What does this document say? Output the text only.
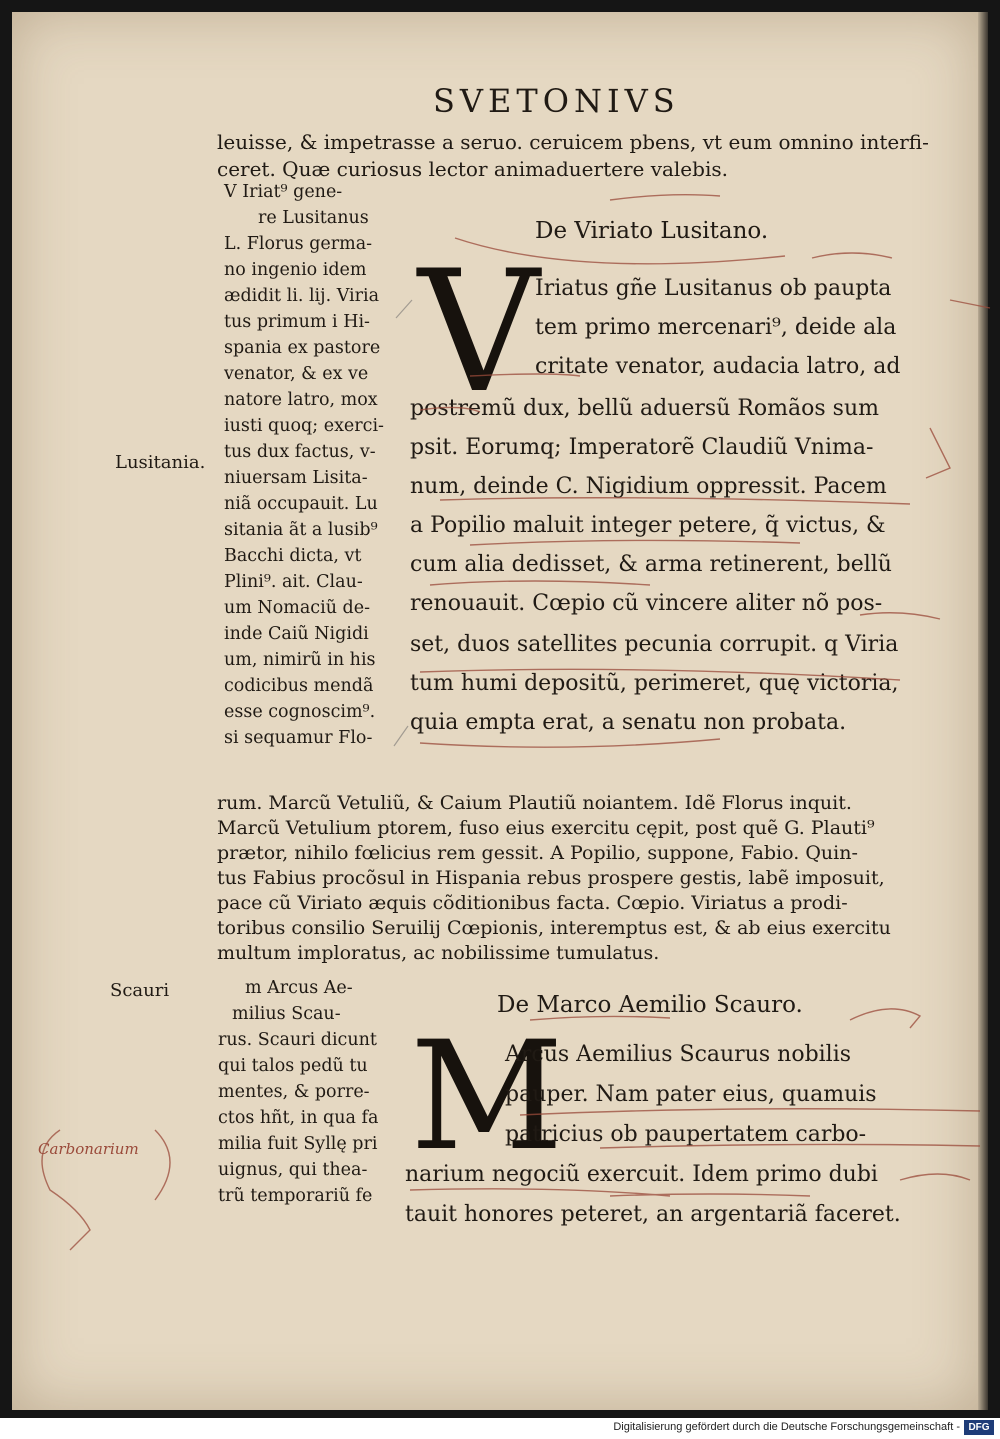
SVETONIVS
leuisse, & impetrasse a seruo. ceruicem pbens, vt eum omnino interfi-
ceret. Quæ curiosus lector animaduertere valebis.
De Viriato Lusitano.
V
Iriatus gñe Lusitanus ob paupta
tem primo mercenari⁹, deide ala
critate venator, audacia latro, ad
postremũ dux, bellũ aduersũ Romãos sum
psit. Eorumq; Imperatorẽ Claudiũ Vnima-
num, deinde C. Nigidium oppressit. Pacem
a Popilio maluit integer petere, q̃ victus, &
cum alia dedisset, & arma retinerent, bellũ
renouauit. Cœpio cũ vincere aliter nõ pos-
set, duos satellites pecunia corrupit. q Viria
tum humi depositũ, perimeret, quę victoria,
quia empta erat, a senatu non probata.
V Iriat⁹ gene-
re Lusitanus
L. Florus germa-
no ingenio idem
ædidit li. lij. Viria
tus primum i Hi-
spania ex pastore
venator, & ex ve
natore latro, mox
iusti quoq; exerci-
tus dux factus, v-
niuersam Lisita-
niã occupauit. Lu
sitania ãt a lusib⁹
Bacchi dicta, vt
Plini⁹. ait. Clau-
um Nomaciũ de-
inde Caiũ Nigidi
um, nimirũ in his
codicibus mendã
esse cognoscim⁹.
si sequamur Flo-
Lusitania.
rum. Marcũ Vetuliũ, & Caium Plautiũ noiantem. Idẽ Florus inquit.
Marcũ Vetulium ptorem, fuso eius exercitu cępit, post quẽ G. Plauti⁹
prætor, nihilo fœlicius rem gessit. A Popilio, suppone, Fabio. Quin-
tus Fabius procõsul in Hispania rebus prospere gestis, labẽ imposuit,
pace cũ Viriato æquis cõditionibus facta. Cœpio. Viriatus a prodi-
toribus consilio Seruilij Cœpionis, interemptus est, & ab eius exercitu
multum imploratus, ac nobilissime tumulatus.
Scauri
De Marco Aemilio Scauro.
M
Arcus Aemilius Scaurus nobilis
pauper. Nam pater eius, quamuis
patricius ob paupertatem carbo-
narium negociũ exercuit. Idem primo dubi
tauit honores peteret, an argentariã faceret.
m Arcus Ae-
milius Scau-
rus. Scauri dicunt
qui talos pedũ tu
mentes, & porre-
ctos hñt, in qua fa
milia fuit Syllę pri
uignus, qui thea-
trũ temporariũ fe
Carbonarium
Digitalisierung gefördert durch die Deutsche Forschungsgemeinschaft - DFG
